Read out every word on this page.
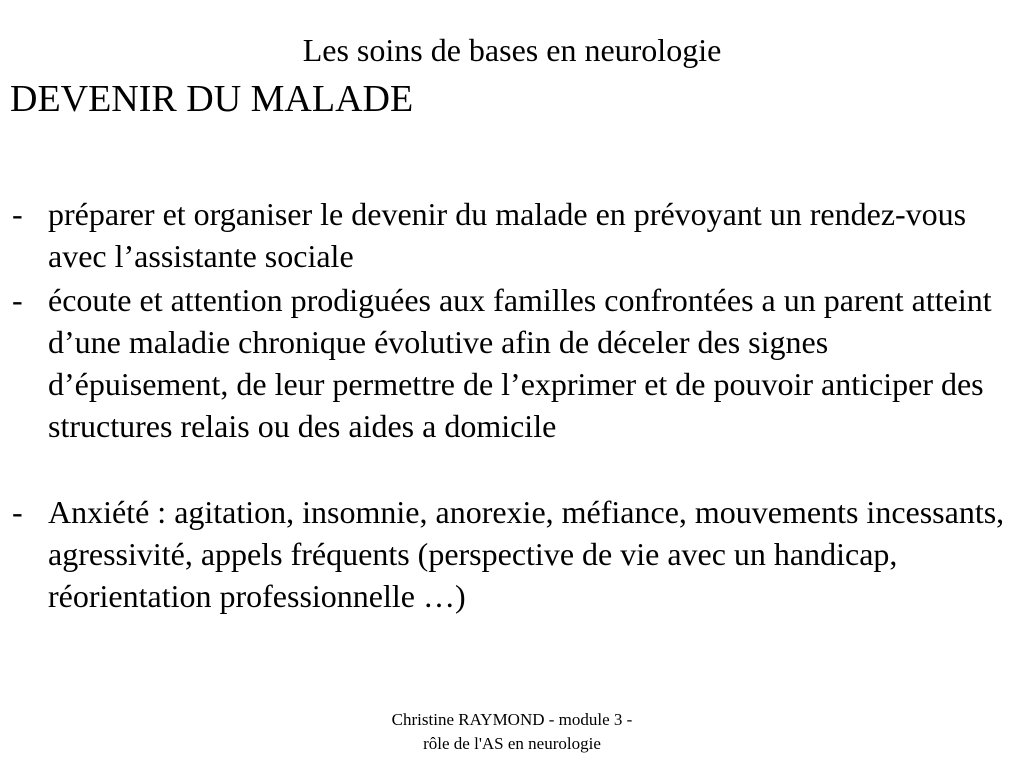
Les soins de bases en neurologie
DEVENIR DU MALADE
- préparer et organiser le devenir du malade en prévoyant un rendez-vous avec l’assistante sociale
- écoute et attention prodiguées aux familles confrontées a un parent atteint d’une maladie chronique évolutive afin de déceler des signes d’épuisement, de leur permettre de l’exprimer et de pouvoir anticiper des structures relais ou des aides a domicile
- Anxiété : agitation, insomnie, anorexie, méfiance, mouvements incessants, agressivité, appels fréquents (perspective de vie avec un handicap, réorientation professionnelle …)
Christine RAYMOND - module 3 -
rôle de l'AS en neurologie
